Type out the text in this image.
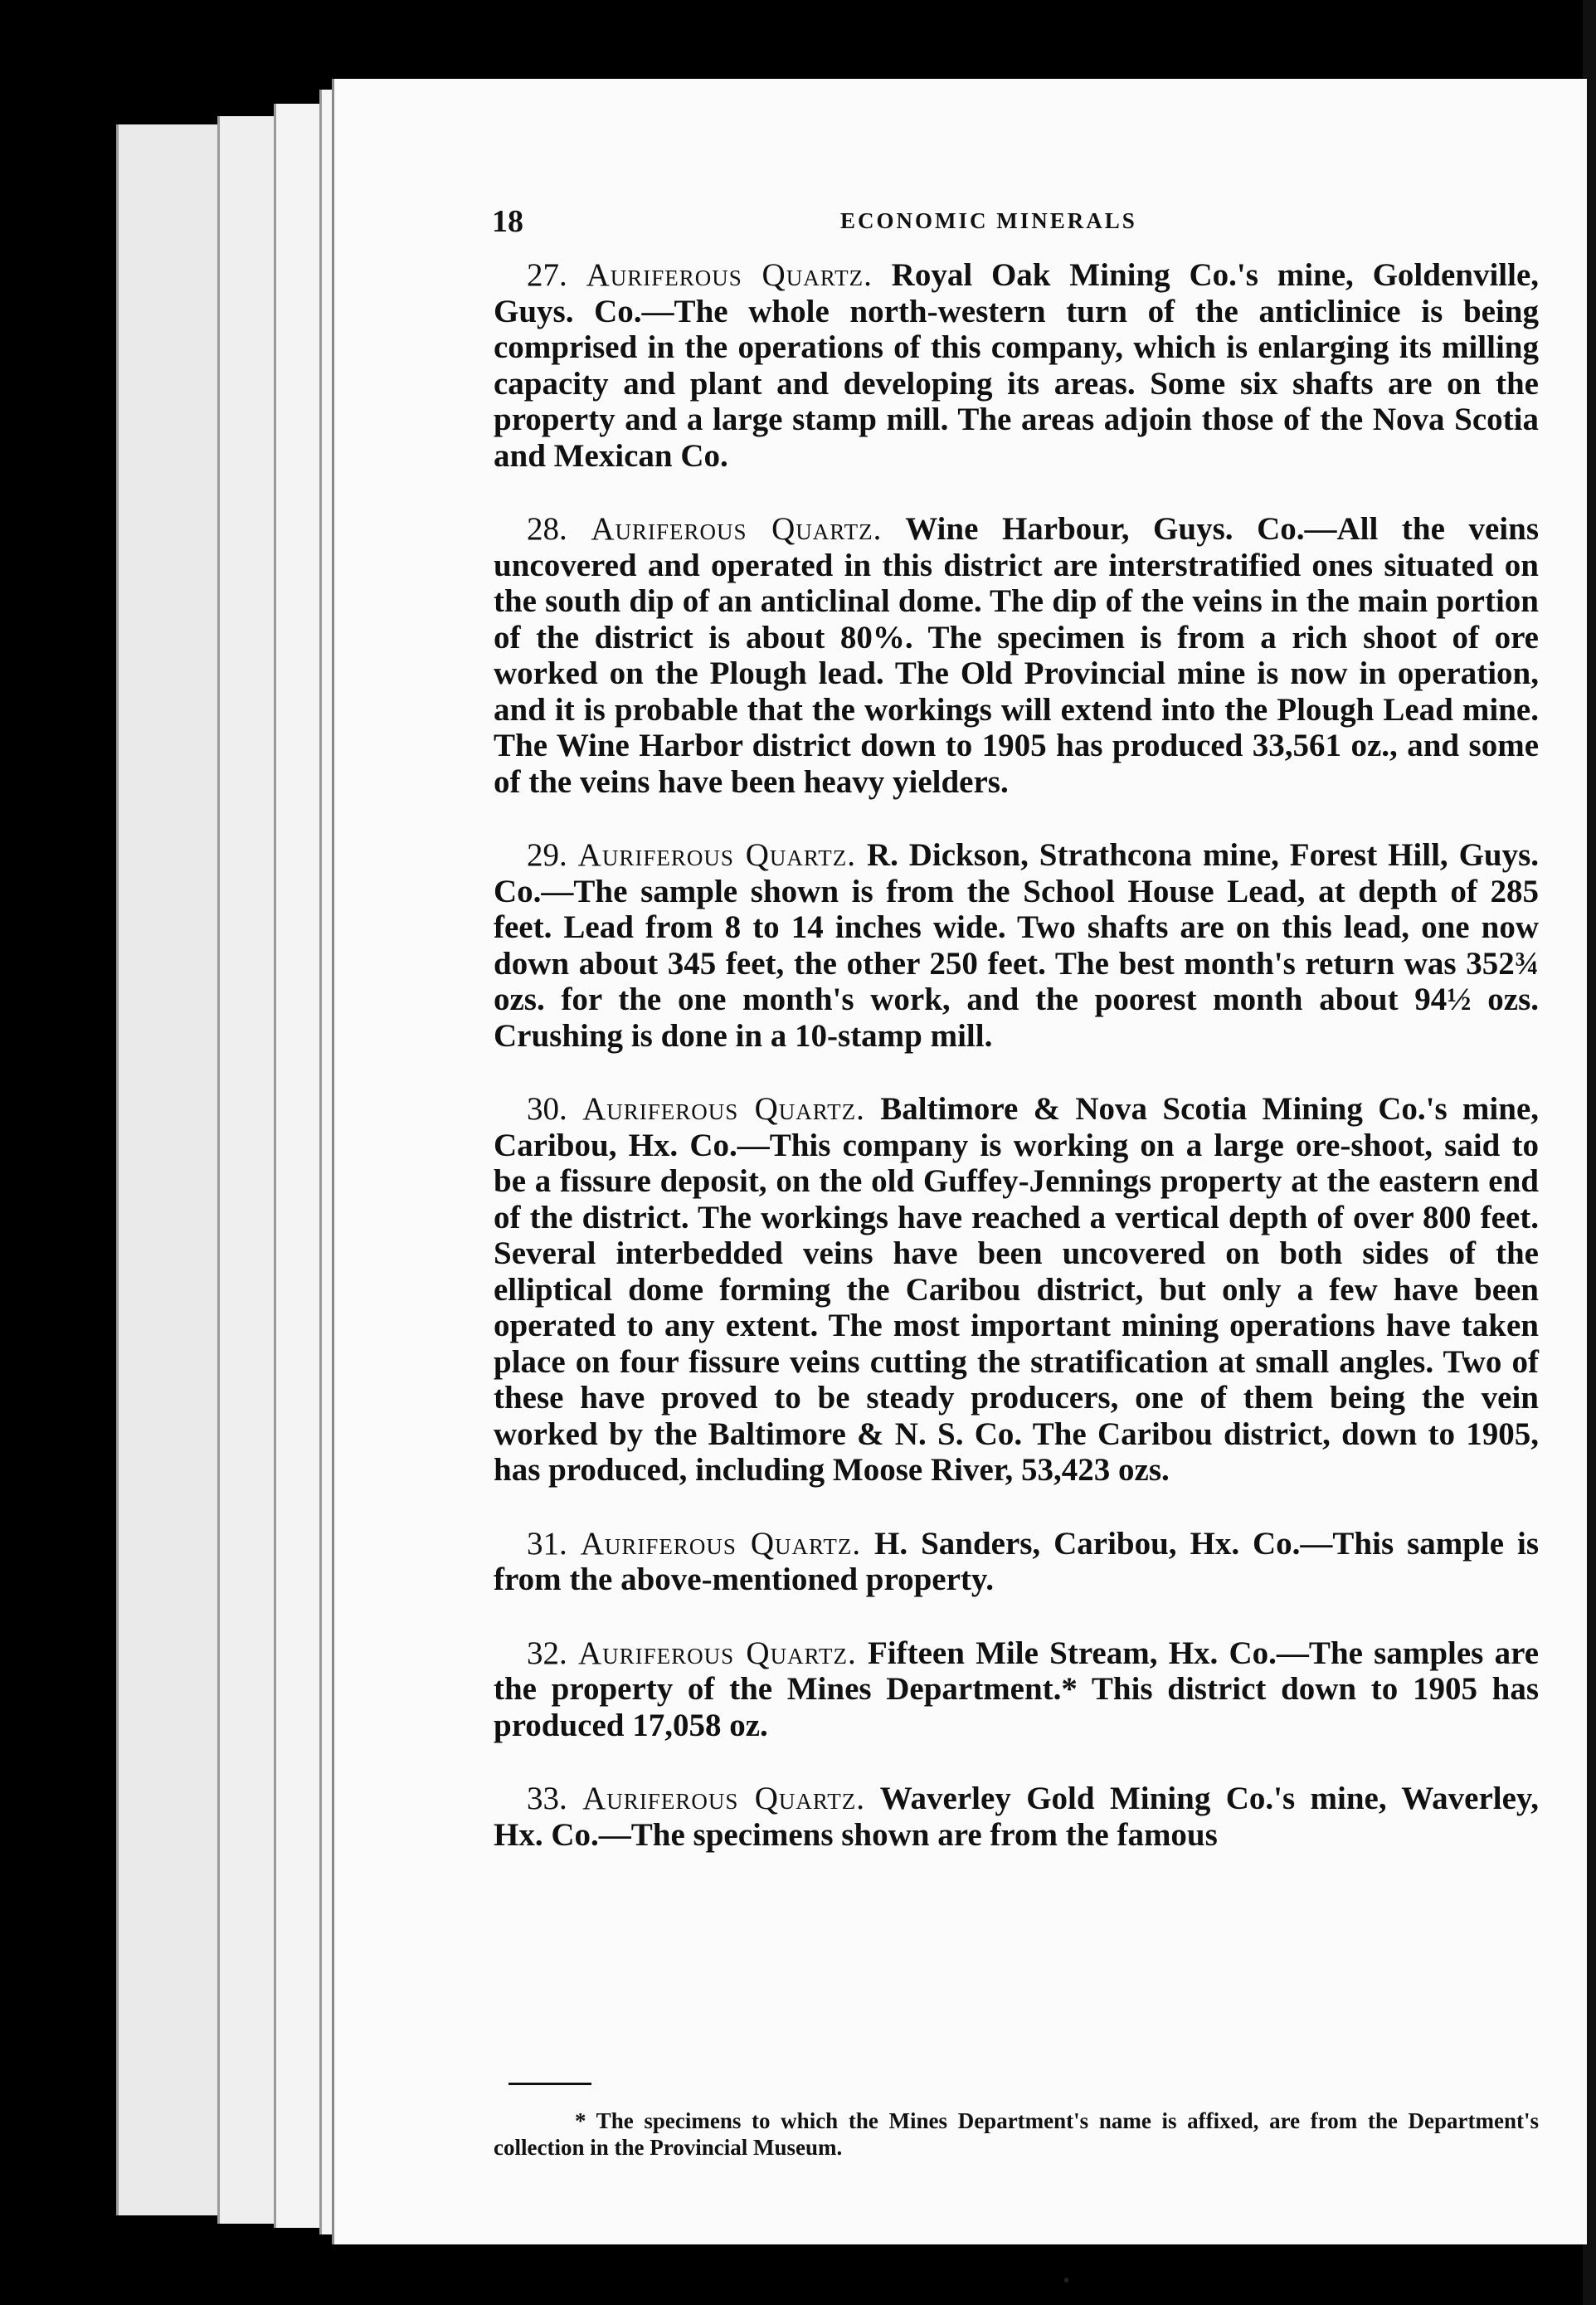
18	ECONOMIC MINERALS

27. Auriferous Quartz. Royal Oak Mining Co.'s mine, Goldenville, Guys. Co.—The whole north-western turn of the anticlinice is being comprised in the operations of this company, which is enlarging its milling capacity and plant and developing its areas. Some six shafts are on the property and a large stamp mill. The areas adjoin those of the Nova Scotia and Mexican Co.

28. Auriferous Quartz. Wine Harbour, Guys. Co.—All the veins uncovered and operated in this district are interstratified ones situated on the south dip of an anticlinal dome. The dip of the veins in the main portion of the district is about 80%. The specimen is from a rich shoot of ore worked on the Plough lead. The Old Provincial mine is now in operation, and it is probable that the workings will extend into the Plough Lead mine. The Wine Harbor district down to 1905 has produced 33,561 oz., and some of the veins have been heavy yielders.

29. Auriferous Quartz. R. Dickson, Strathcona mine, Forest Hill, Guys. Co.—The sample shown is from the School House Lead, at depth of 285 feet. Lead from 8 to 14 inches wide. Two shafts are on this lead, one now down about 345 feet, the other 250 feet. The best month's return was 352¾ ozs. for the one month's work, and the poorest month about 94½ ozs. Crushing is done in a 10-stamp mill.

30. Auriferous Quartz. Baltimore & Nova Scotia Mining Co.'s mine, Caribou, Hx. Co.—This company is working on a large ore-shoot, said to be a fissure deposit, on the old Guffey-Jennings property at the eastern end of the district. The workings have reached a vertical depth of over 800 feet. Several interbedded veins have been uncovered on both sides of the elliptical dome forming the Caribou district, but only a few have been operated to any extent. The most important mining operations have taken place on four fissure veins cutting the stratification at small angles. Two of these have proved to be steady producers, one of them being the vein worked by the Baltimore & N. S. Co. The Caribou district, down to 1905, has produced, including Moose River, 53,423 ozs.

31. Auriferous Quartz. H. Sanders, Caribou, Hx. Co.—This sample is from the above-mentioned property.

32. Auriferous Quartz. Fifteen Mile Stream, Hx. Co.—The samples are the property of the Mines Department.* This district down to 1905 has produced 17,058 oz.

33. Auriferous Quartz. Waverley Gold Mining Co.'s mine, Waverley, Hx. Co.—The specimens shown are from the famous

* The specimens to which the Mines Department's name is affixed, are from the Department's collection in the Provincial Museum.
